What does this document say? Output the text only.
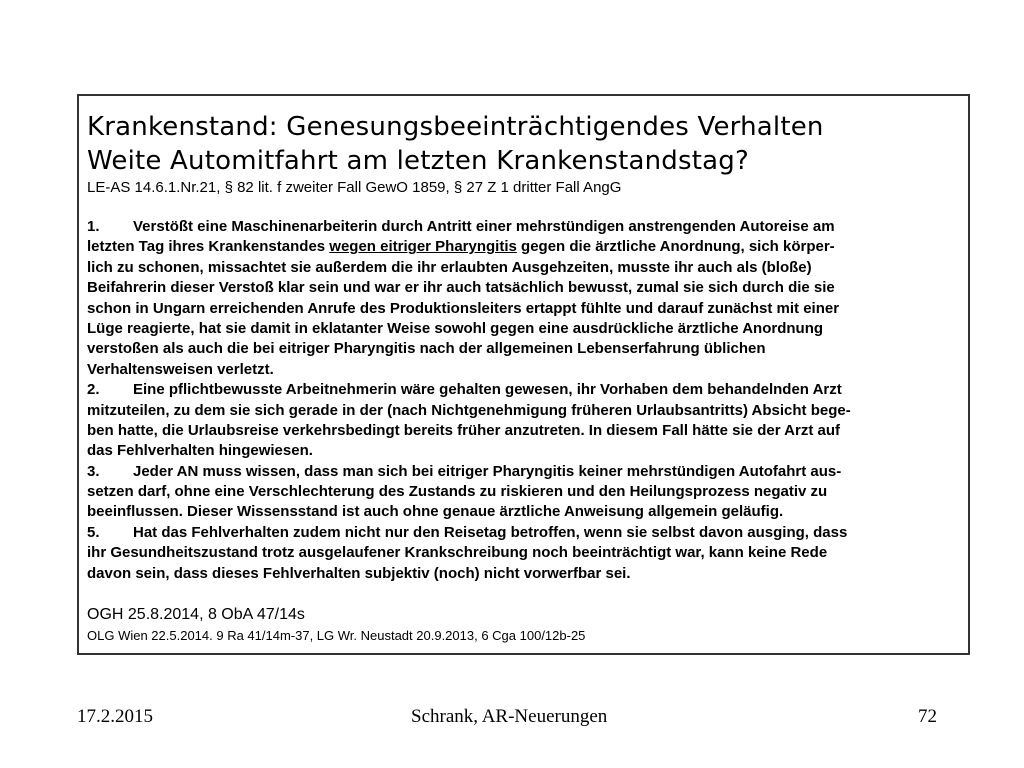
Krankenstand: Genesungsbeeinträchtigendes Verhalten
Weite Automitfahrt am letzten Krankenstandstag?
LE-AS 14.6.1.Nr.21, § 82 lit. f zweiter Fall GewO 1859, § 27 Z 1 dritter Fall AngG
1. Verstößt eine Maschinenarbeiterin durch Antritt einer mehrstündigen anstrengenden Autoreise am
letzten Tag ihres Krankenstandes wegen eitriger Pharyngitis gegen die ärztliche Anordnung, sich körper-
lich zu schonen, missachtet sie außerdem die ihr erlaubten Ausgehzeiten, musste ihr auch als (bloße)
Beifahrerin dieser Verstoß klar sein und war er ihr auch tatsächlich bewusst, zumal sie sich durch die sie
schon in Ungarn erreichenden Anrufe des Produktionsleiters ertappt fühlte und darauf zunächst mit einer
Lüge reagierte, hat sie damit in eklatanter Weise sowohl gegen eine ausdrückliche ärztliche Anordnung
verstoßen als auch die bei eitriger Pharyngitis nach der allgemeinen Lebenserfahrung üblichen
Verhaltensweisen verletzt.
2. Eine pflichtbewusste Arbeitnehmerin wäre gehalten gewesen, ihr Vorhaben dem behandelnden Arzt
mitzuteilen, zu dem sie sich gerade in der (nach Nichtgenehmigung früheren Urlaubsantritts) Absicht bege-
ben hatte, die Urlaubsreise verkehrsbedingt bereits früher anzutreten. In diesem Fall hätte sie der Arzt auf
das Fehlverhalten hingewiesen.
3. Jeder AN muss wissen, dass man sich bei eitriger Pharyngitis keiner mehrstündigen Autofahrt aus-
setzen darf, ohne eine Verschlechterung des Zustands zu riskieren und den Heilungsprozess negativ zu
beeinflussen. Dieser Wissensstand ist auch ohne genaue ärztliche Anweisung allgemein geläufig.
5. Hat das Fehlverhalten zudem nicht nur den Reisetag betroffen, wenn sie selbst davon ausging, dass
ihr Gesundheitszustand trotz ausgelaufener Krankschreibung noch beeinträchtigt war, kann keine Rede
davon sein, dass dieses Fehlverhalten subjektiv (noch) nicht vorwerfbar sei.
OGH 25.8.2014, 8 ObA 47/14s
OLG Wien 22.5.2014. 9 Ra 41/14m-37, LG Wr. Neustadt 20.9.2013, 6 Cga 100/12b-25
17.2.2015	Schrank, AR-Neuerungen	72
